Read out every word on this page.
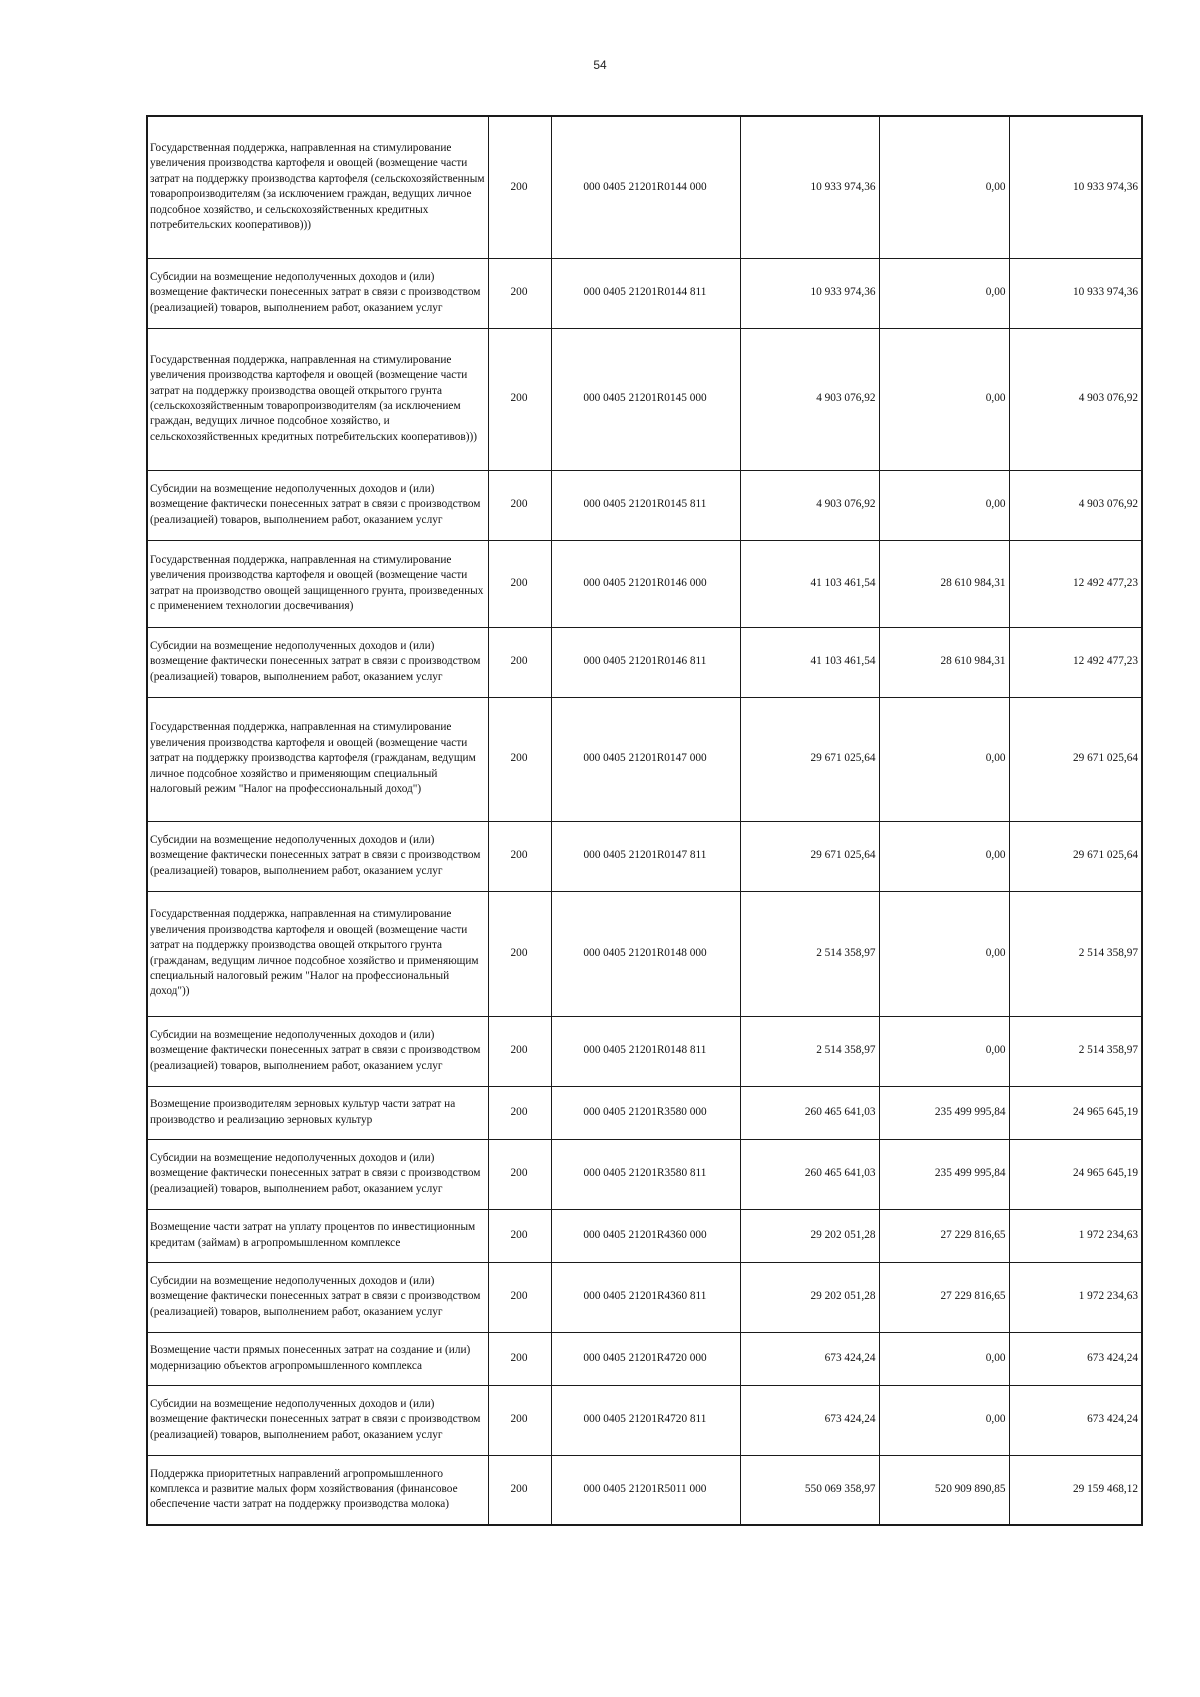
54
Государственная поддержка, направленная на стимулирование увеличения производства картофеля и овощей (возмещение части затрат на поддержку производства картофеля (сельскохозяйственным товаропроизводителям (за исключением граждан, ведущих личное подсобное хозяйство, и сельскохозяйственных кредитных потребительских кооперативов)))	200	000 0405 21201R0144 000	10 933 974,36	0,00	10 933 974,36
Субсидии на возмещение недополученных доходов и (или) возмещение фактически понесенных затрат в связи с производством (реализацией) товаров, выполнением работ, оказанием услуг	200	000 0405 21201R0144 811	10 933 974,36	0,00	10 933 974,36
Государственная поддержка, направленная на стимулирование увеличения производства картофеля и овощей (возмещение части затрат на поддержку производства овощей открытого грунта (сельскохозяйственным товаропроизводителям (за исключением граждан, ведущих личное подсобное хозяйство, и сельскохозяйственных кредитных потребительских кооперативов)))	200	000 0405 21201R0145 000	4 903 076,92	0,00	4 903 076,92
Субсидии на возмещение недополученных доходов и (или) возмещение фактически понесенных затрат в связи с производством (реализацией) товаров, выполнением работ, оказанием услуг	200	000 0405 21201R0145 811	4 903 076,92	0,00	4 903 076,92
Государственная поддержка, направленная на стимулирование увеличения производства картофеля и овощей (возмещение части затрат на производство овощей защищенного грунта, произведенных с применением технологии досвечивания)	200	000 0405 21201R0146 000	41 103 461,54	28 610 984,31	12 492 477,23
Субсидии на возмещение недополученных доходов и (или) возмещение фактически понесенных затрат в связи с производством (реализацией) товаров, выполнением работ, оказанием услуг	200	000 0405 21201R0146 811	41 103 461,54	28 610 984,31	12 492 477,23
Государственная поддержка, направленная на стимулирование увеличения производства картофеля и овощей (возмещение части затрат на поддержку производства картофеля (гражданам, ведущим личное подсобное хозяйство и применяющим специальный налоговый режим "Налог на профессиональный доход")	200	000 0405 21201R0147 000	29 671 025,64	0,00	29 671 025,64
Субсидии на возмещение недополученных доходов и (или) возмещение фактически понесенных затрат в связи с производством (реализацией) товаров, выполнением работ, оказанием услуг	200	000 0405 21201R0147 811	29 671 025,64	0,00	29 671 025,64
Государственная поддержка, направленная на стимулирование увеличения производства картофеля и овощей (возмещение части затрат на поддержку производства овощей открытого грунта (гражданам, ведущим личное подсобное хозяйство и применяющим специальный налоговый режим "Налог на профессиональный доход"))	200	000 0405 21201R0148 000	2 514 358,97	0,00	2 514 358,97
Субсидии на возмещение недополученных доходов и (или) возмещение фактически понесенных затрат в связи с производством (реализацией) товаров, выполнением работ, оказанием услуг	200	000 0405 21201R0148 811	2 514 358,97	0,00	2 514 358,97
Возмещение производителям зерновых культур части затрат на производство и реализацию зерновых культур	200	000 0405 21201R3580 000	260 465 641,03	235 499 995,84	24 965 645,19
Субсидии на возмещение недополученных доходов и (или) возмещение фактически понесенных затрат в связи с производством (реализацией) товаров, выполнением работ, оказанием услуг	200	000 0405 21201R3580 811	260 465 641,03	235 499 995,84	24 965 645,19
Возмещение части затрат на уплату процентов по инвестиционным кредитам (займам) в агропромышленном комплексе	200	000 0405 21201R4360 000	29 202 051,28	27 229 816,65	1 972 234,63
Субсидии на возмещение недополученных доходов и (или) возмещение фактически понесенных затрат в связи с производством (реализацией) товаров, выполнением работ, оказанием услуг	200	000 0405 21201R4360 811	29 202 051,28	27 229 816,65	1 972 234,63
Возмещение части прямых понесенных затрат на создание и (или) модернизацию объектов агропромышленного комплекса	200	000 0405 21201R4720 000	673 424,24	0,00	673 424,24
Субсидии на возмещение недополученных доходов и (или) возмещение фактически понесенных затрат в связи с производством (реализацией) товаров, выполнением работ, оказанием услуг	200	000 0405 21201R4720 811	673 424,24	0,00	673 424,24
Поддержка приоритетных направлений агропромышленного комплекса и развитие малых форм хозяйствования (финансовое обеспечение части затрат на поддержку производства молока)	200	000 0405 21201R5011 000	550 069 358,97	520 909 890,85	29 159 468,12
